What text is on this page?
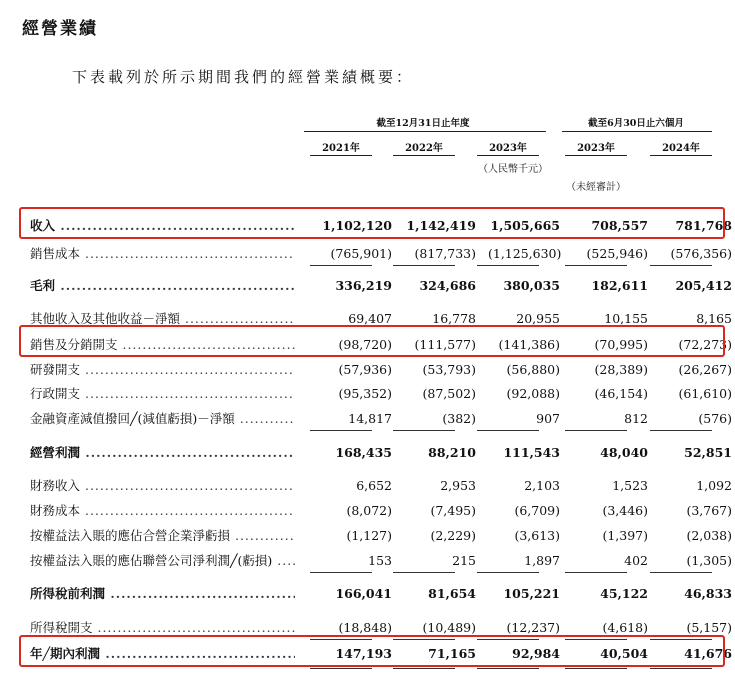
經營業績
下表載列於所示期間我們的經營業績概要：
截至12月31日止年度	截至6月30日止六個月
2021年	2022年	2023年	2023年	2024年
（人民幣千元）
（未經審計）
收入 .....	1,102,120 1,142,419 1,505,665	708,557	781,768
銷售成本 .....	(765,901)	(817,733) (1,125,630)	(525,946)	(576,356)
毛利 .....	336,219	324,686	380,035	182,611	205,412
其他收入及其他收益－淨額 .....	69,407	16,778	20,955	10,155	8,165
銷售及分銷開支 .....	(98,720)	(111,577)	(141,386)	(70,995)	(72,273)
研發開支 .....	(57,936)	(53,793)	(56,880)	(28,389)	(26,267)
行政開支 .....	(95,352)	(87,502)	(92,088)	(46,154)	(61,610)
金融資產減值撥回╱(減值虧損)－淨額 .....	14,817	(382)	907	812	(576)
經營利潤 .....	168,435	88,210	111,543	48,040	52,851
財務收入 .....	6,652	2,953	2,103	1,523	1,092
財務成本 .....	(8,072)	(7,495)	(6,709)	(3,446)	(3,767)
按權益法入賬的應佔合營企業淨虧損 .....	(1,127)	(2,229)	(3,613)	(1,397)	(2,038)
按權益法入賬的應佔聯營公司淨利潤╱(虧損) .....	153	215	1,897	402	(1,305)
所得稅前利潤 .....	166,041	81,654	105,221	45,122	46,833
所得稅開支 .....	(18,848)	(10,489)	(12,237)	(4,618)	(5,157)
年╱期內利潤 .....	147,193	71,165	92,984	40,504	41,676
